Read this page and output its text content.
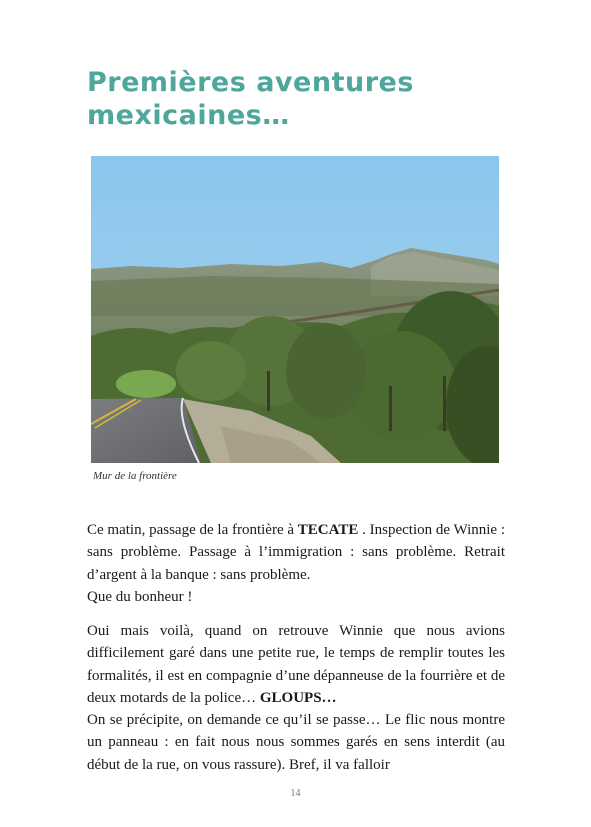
Premières aventures
mexicaines…
Mur de la frontière

Ce matin, passage de la frontière à TECATE . Inspection de Winnie : sans problème. Passage à l’immigration : sans problème. Retrait d’argent à la banque : sans problème.

Que du bonheur !

Oui mais voilà, quand on retrouve Winnie que nous avions difficilement garé dans une petite rue, le temps de remplir toutes les formalités, il est en compagnie d’une dépanneuse de la fourrière et de deux motards de la police… GLOUPS…

On se précipite, on demande ce qu’il se passe… Le flic nous montre un panneau : en fait nous nous sommes garés en sens interdit (au début de la rue, on vous rassure). Bref, il va falloir

14
